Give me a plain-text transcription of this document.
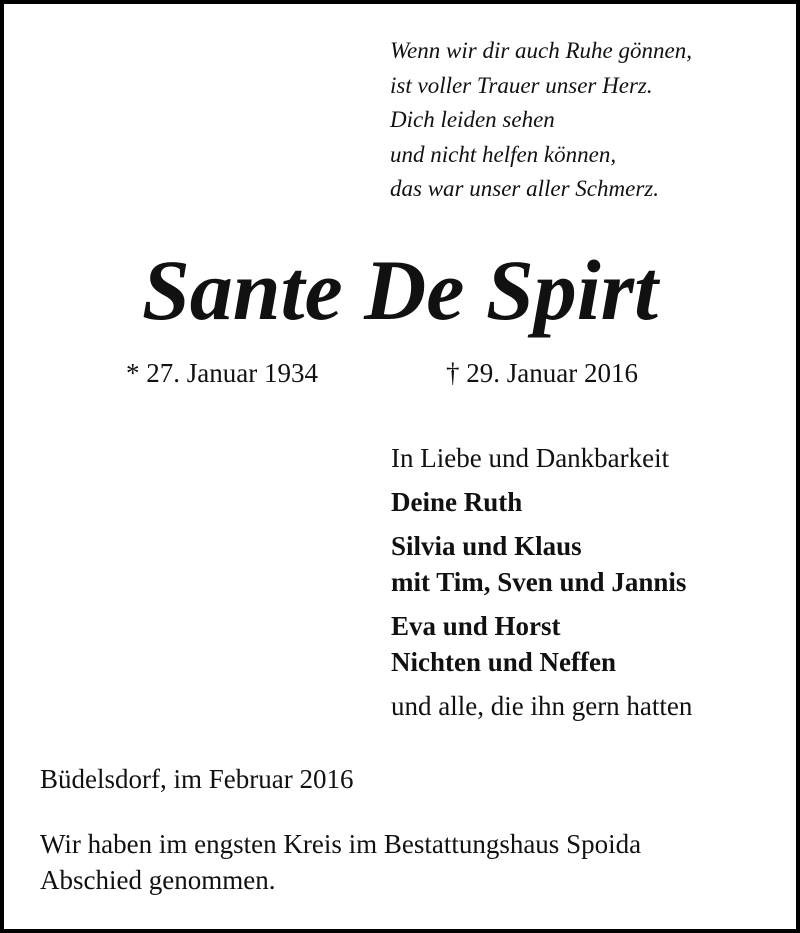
Wenn wir dir auch Ruhe gönnen,
ist voller Trauer unser Herz.
Dich leiden sehen
und nicht helfen können,
das war unser aller Schmerz.
Sante De Spirt
* 27. Januar 1934	† 29. Januar 2016
In Liebe und Dankbarkeit
Deine Ruth
Silvia und Klaus
mit Tim, Sven und Jannis
Eva und Horst
Nichten und Neffen
und alle, die ihn gern hatten
Büdelsdorf, im Februar 2016
Wir haben im engsten Kreis im Bestattungshaus Spoida
Abschied genommen.
